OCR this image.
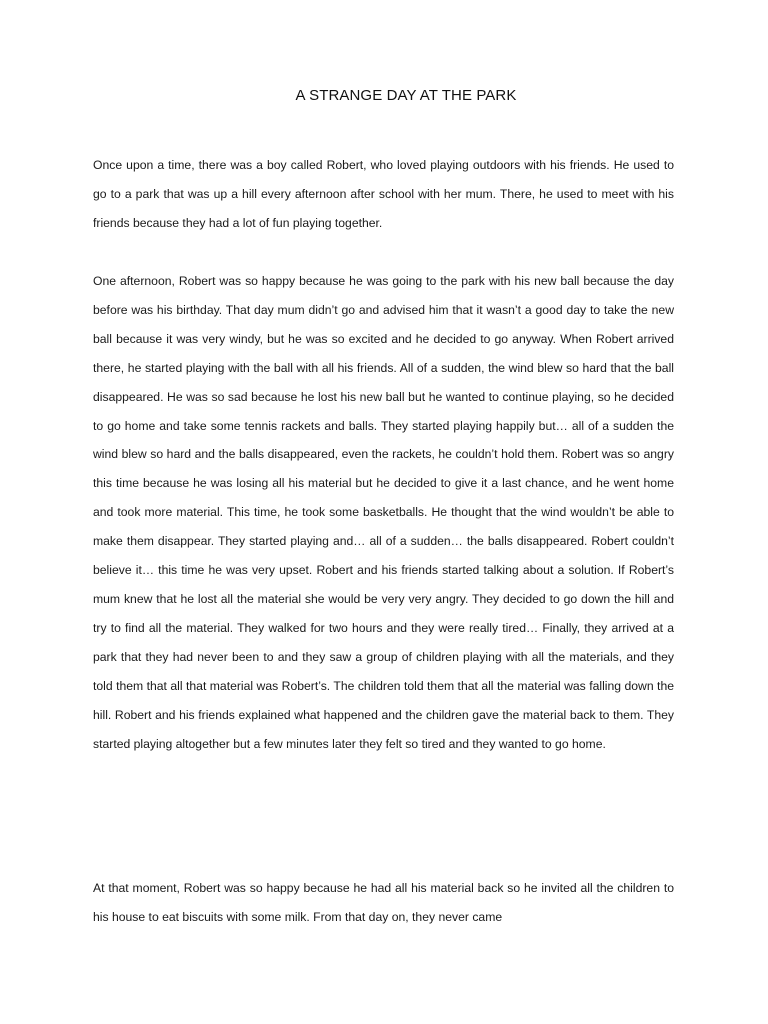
A STRANGE DAY AT THE PARK

Once upon a time, there was a boy called Robert, who loved playing outdoors with his friends. He used to go to a park that was up a hill every afternoon after school with her mum. There, he used to meet with his friends because they had a lot of fun playing together.

One afternoon, Robert was so happy because he was going to the park with his new ball because the day before was his birthday. That day mum didn’t go and advised him that it wasn’t a good day to take the new ball because it was very windy, but he was so excited and he decided to go anyway. When Robert arrived there, he started playing with the ball with all his friends. All of a sudden, the wind blew so hard that the ball disappeared. He was so sad because he lost his new ball but he wanted to continue playing, so he decided to go home and take some tennis rackets and balls. They started playing happily but… all of a sudden the wind blew so hard and the balls disappeared, even the rackets, he couldn’t hold them. Robert was so angry this time because he was losing all his material but he decided to give it a last chance, and he went home and took more material. This time, he took some basketballs. He thought that the wind wouldn’t be able to make them disappear. They started playing and… all of a sudden… the balls disappeared. Robert couldn’t believe it… this time he was very upset. Robert and his friends started talking about a solution. If Robert’s mum knew that he lost all the material she would be very very angry. They decided to go down the hill and try to find all the material. They walked for two hours and they were really tired… Finally, they arrived at a park that they had never been to and they saw a group of children playing with all the materials, and they told them that all that material was Robert’s. The children told them that all the material was falling down the hill. Robert and his friends explained what happened and the children gave the material back to them. They started playing altogether but a few minutes later they felt so tired and they wanted to go home.

At that moment, Robert was so happy because he had all his material back so he invited all the children to his house to eat biscuits with some milk. From that day on, they never came
